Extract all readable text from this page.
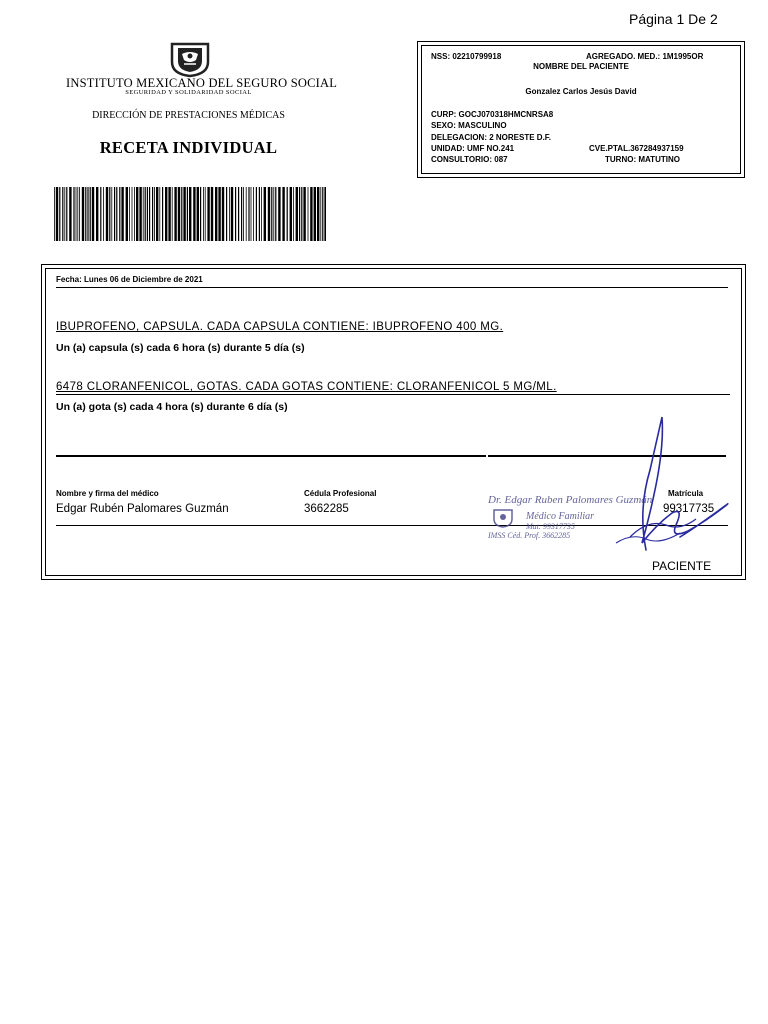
Página 1 De 2
INSTITUTO MEXICANO DEL SEGURO SOCIAL
SEGURIDAD Y SOLIDARIDAD SOCIAL
DIRECCIÓN DE PRESTACIONES MÉDICAS
RECETA INDIVIDUAL
NSS: 02210799918	AGREGADO. MED.: 1M1995OR
NOMBRE DEL PACIENTE
Gonzalez Carlos Jesús David
CURP: GOCJ070318HMCNRSA8
SEXO: MASCULINO
DELEGACION: 2 NORESTE D.F.
UNIDAD: UMF NO.241	CVE.PTAL.367284937159
CONSULTORIO: 087	TURNO: MATUTINO
Fecha: Lunes 06 de Diciembre de 2021
IBUPROFENO, CAPSULA. CADA CAPSULA CONTIENE: IBUPROFENO 400 MG.
Un (a) capsula (s) cada 6 hora (s) durante 5 día (s)
6478 CLORANFENICOL, GOTAS. CADA GOTAS CONTIENE: CLORANFENICOL 5 MG/ML.
Un (a) gota (s) cada 4 hora (s) durante 6 día (s)
Nombre y firma del médico	Cédula Profesional	Matrícula
Edgar Rubén Palomares Guzmán	3662285	99317735
Dr. Edgar Ruben Palomares Guzmán
Médico Familiar
Mat. 99317735
IMSS Céd. Prof. 3662285
PACIENTE
